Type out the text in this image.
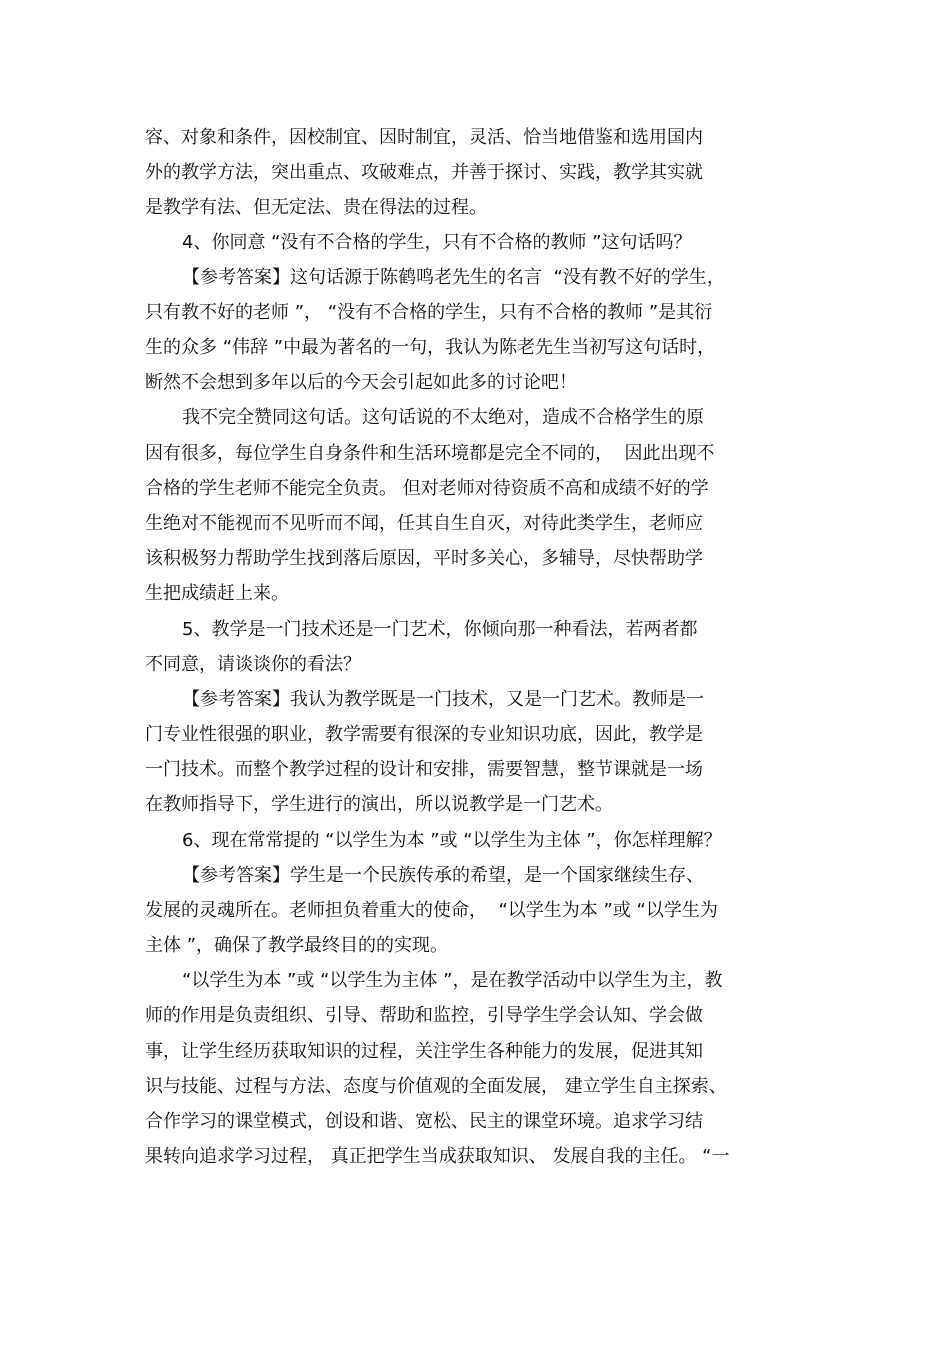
容、对象和条件，因校制宜、因时制宜，灵活、恰当地借鉴和选用国内
外的教学方法，突出重点、攻破难点，并善于探讨、实践，教学其实就
是教学有法、但无定法、贵在得法的过程。
4、你同意 “没有不合格的学生，只有不合格的教师 ”这句话吗？
【参考答案】这句话源于陈鹤鸣老先生的名言  “没有教不好的学生，
只有教不好的老师 ”， “没有不合格的学生，只有不合格的教师 ”是其衍
生的众多 “伟辞 ”中最为著名的一句，我认为陈老先生当初写这句话时，
断然不会想到多年以后的今天会引起如此多的讨论吧！
我不完全赞同这句话。这句话说的不太绝对，造成不合格学生的原
因有很多，每位学生自身条件和生活环境都是完全不同的，  因此出现不
合格的学生老师不能完全负责。 但对老师对待资质不高和成绩不好的学
生绝对不能视而不见听而不闻，任其自生自灭，对待此类学生，老师应
该积极努力帮助学生找到落后原因，平时多关心，多辅导，尽快帮助学
生把成绩赶上来。
5、教学是一门技术还是一门艺术，你倾向那一种看法，若两者都
不同意，请谈谈你的看法？
【参考答案】我认为教学既是一门技术，又是一门艺术。教师是一
门专业性很强的职业，教学需要有很深的专业知识功底，因此，教学是
一门技术。而整个教学过程的设计和安排，需要智慧，整节课就是一场
在教师指导下，学生进行的演出，所以说教学是一门艺术。
6、现在常常提的 “以学生为本 ”或 “以学生为主体 ”，你怎样理解？
【参考答案】学生是一个民族传承的希望，是一个国家继续生存、
发展的灵魂所在。老师担负着重大的使命，  “以学生为本 ”或 “以学生为
主体 ”，确保了教学最终目的的实现。
“以学生为本 ”或 “以学生为主体 ”，是在教学活动中以学生为主，教
师的作用是负责组织、引导、帮助和监控，引导学生学会认知、学会做
事，让学生经历获取知识的过程，关注学生各种能力的发展，促进其知
识与技能、过程与方法、态度与价值观的全面发展， 建立学生自主探索、
合作学习的课堂模式，创设和谐、宽松、民主的课堂环境。追求学习结
果转向追求学习过程， 真正把学生当成获取知识、 发展自我的主任。 “一
